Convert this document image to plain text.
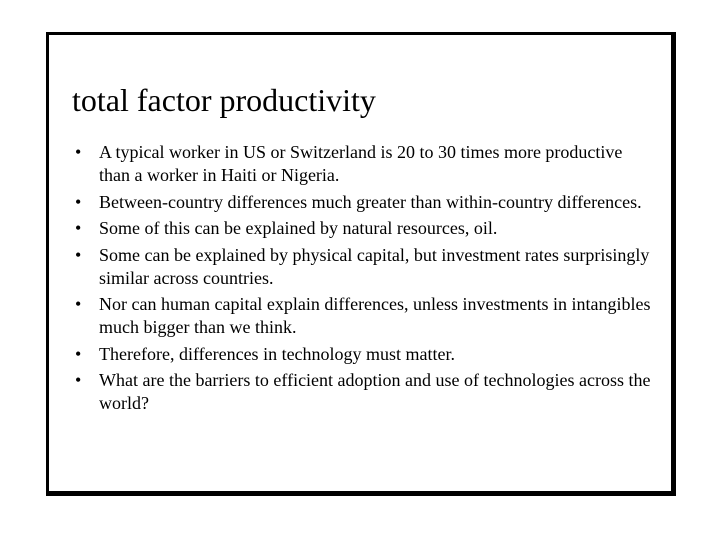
total factor productivity
• A typical worker in US or Switzerland is 20 to 30 times more productive than a worker in Haiti or Nigeria.
• Between-country differences much greater than within-country differences.
• Some of this can be explained by natural resources, oil.
• Some can be explained by physical capital, but investment rates surprisingly similar across countries.
• Nor can human capital explain differences, unless investments in intangibles much bigger than we think.
• Therefore, differences in technology must matter.
• What are the barriers to efficient adoption and use of technologies across the world?
